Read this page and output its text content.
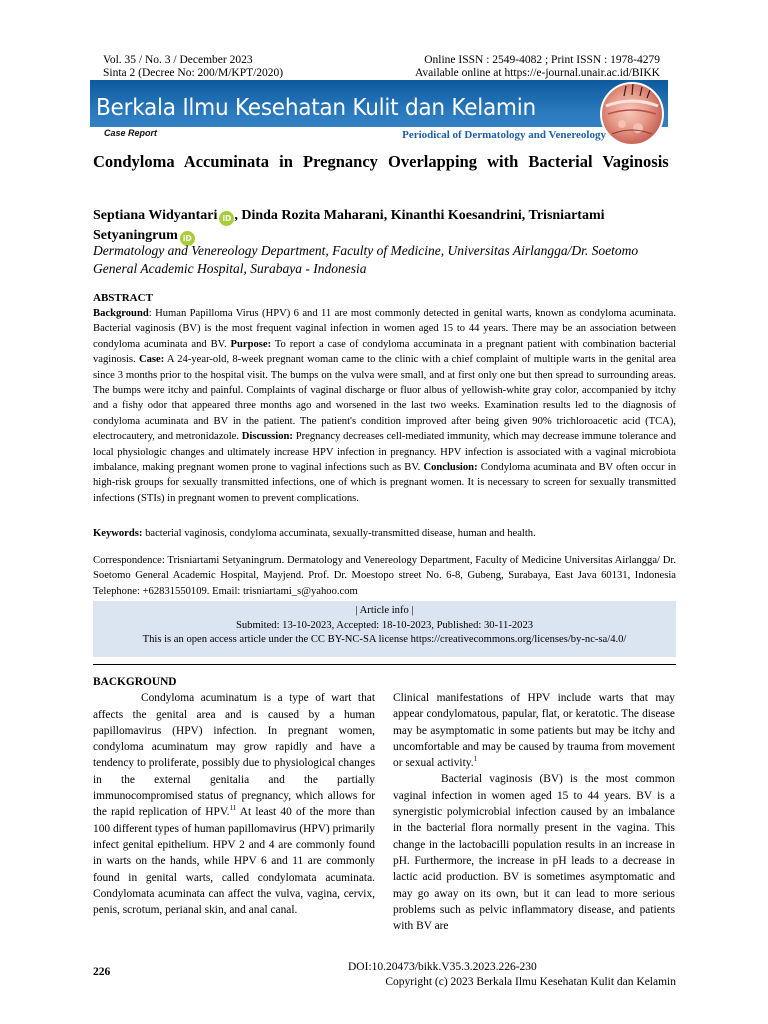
Vol. 35 / No. 3 / December 2023
Sinta 2 (Decree No: 200/M/KPT/2020)
Online ISSN : 2549-4082 ; Print ISSN : 1978-4279
Available online at https://e-journal.unair.ac.id/BIKK
Berkala Ilmu Kesehatan Kulit dan Kelamin
Case Report	Periodical of Dermatology and Venereology
Condyloma Accuminata in Pregnancy Overlapping with Bacterial Vaginosis
Septiana Widyantari iD , Dinda Rozita Maharani, Kinanthi Koesandrini, Trisniartami Setyaningrum iD
Dermatology and Venereology Department, Faculty of Medicine, Universitas Airlangga/Dr. Soetomo General Academic Hospital, Surabaya - Indonesia
ABSTRACT
Background: Human Papilloma Virus (HPV) 6 and 11 are most commonly detected in genital warts, known as condyloma acuminata. Bacterial vaginosis (BV) is the most frequent vaginal infection in women aged 15 to 44 years. There may be an association between condyloma acuminata and BV. Purpose: To report a case of condyloma accuminata in a pregnant patient with combination bacterial vaginosis. Case: A 24-year-old, 8-week pregnant woman came to the clinic with a chief complaint of multiple warts in the genital area since 3 months prior to the hospital visit. The bumps on the vulva were small, and at first only one but then spread to surrounding areas. The bumps were itchy and painful. Complaints of vaginal discharge or fluor albus of yellowish-white gray color, accompanied by itchy and a fishy odor that appeared three months ago and worsened in the last two weeks. Examination results led to the diagnosis of condyloma acuminata and BV in the patient. The patient's condition improved after being given 90% trichloroacetic acid (TCA), electrocautery, and metronidazole. Discussion: Pregnancy decreases cell-mediated immunity, which may decrease immune tolerance and local physiologic changes and ultimately increase HPV infection in pregnancy. HPV infection is associated with a vaginal microbiota imbalance, making pregnant women prone to vaginal infections such as BV. Conclusion: Condyloma acuminata and BV often occur in high-risk groups for sexually transmitted infections, one of which is pregnant women. It is necessary to screen for sexually transmitted infections (STIs) in pregnant women to prevent complications.
Keywords: bacterial vaginosis, condyloma accuminata, sexually-transmitted disease, human and health.
Correspondence: Trisniartami Setyaningrum. Dermatology and Venereology Department, Faculty of Medicine Universitas Airlangga/ Dr. Soetomo General Academic Hospital, Mayjend. Prof. Dr. Moestopo street No. 6-8, Gubeng, Surabaya, East Java 60131, Indonesia Telephone: +62831550109. Email: trisniartami_s@yahoo.com
| Article info |
Submited: 13-10-2023, Accepted: 18-10-2023, Published: 30-11-2023
This is an open access article under the CC BY-NC-SA license https://creativecommons.org/licenses/by-nc-sa/4.0/
BACKGROUND
Condyloma acuminatum is a type of wart that affects the genital area and is caused by a human papillomavirus (HPV) infection. In pregnant women, condyloma acuminatum may grow rapidly and have a tendency to proliferate, possibly due to physiological changes in the external genitalia and the partially immunocompromised status of pregnancy, which allows for the rapid replication of HPV.$^{11}$ At least 40 of the more than 100 different types of human papillomavirus (HPV) primarily infect genital epithelium. HPV 2 and 4 are commonly found in warts on the hands, while HPV 6 and 11 are commonly found in genital warts, called condylomata acuminata. Condylomata acuminata can affect the vulva, vagina, cervix, penis, scrotum, perianal skin, and anal canal.
Clinical manifestations of HPV include warts that may appear condylomatous, papular, flat, or keratotic. The disease may be asymptomatic in some patients but may be itchy and uncomfortable and may be caused by trauma from movement or sexual activity.$^1$
Bacterial vaginosis (BV) is the most common vaginal infection in women aged 15 to 44 years. BV is a synergistic polymicrobial infection caused by an imbalance in the bacterial flora normally present in the vagina. This change in the lactobacilli population results in an increase in pH. Furthermore, the increase in pH leads to a decrease in lactic acid production. BV is sometimes asymptomatic and may go away on its own, but it can lead to more serious problems such as pelvic inflammatory disease, and patients with BV are
226	DOI:10.20473/bikk.V35.3.2023.226-230
Copyright (c) 2023 Berkala Ilmu Kesehatan Kulit dan Kelamin
